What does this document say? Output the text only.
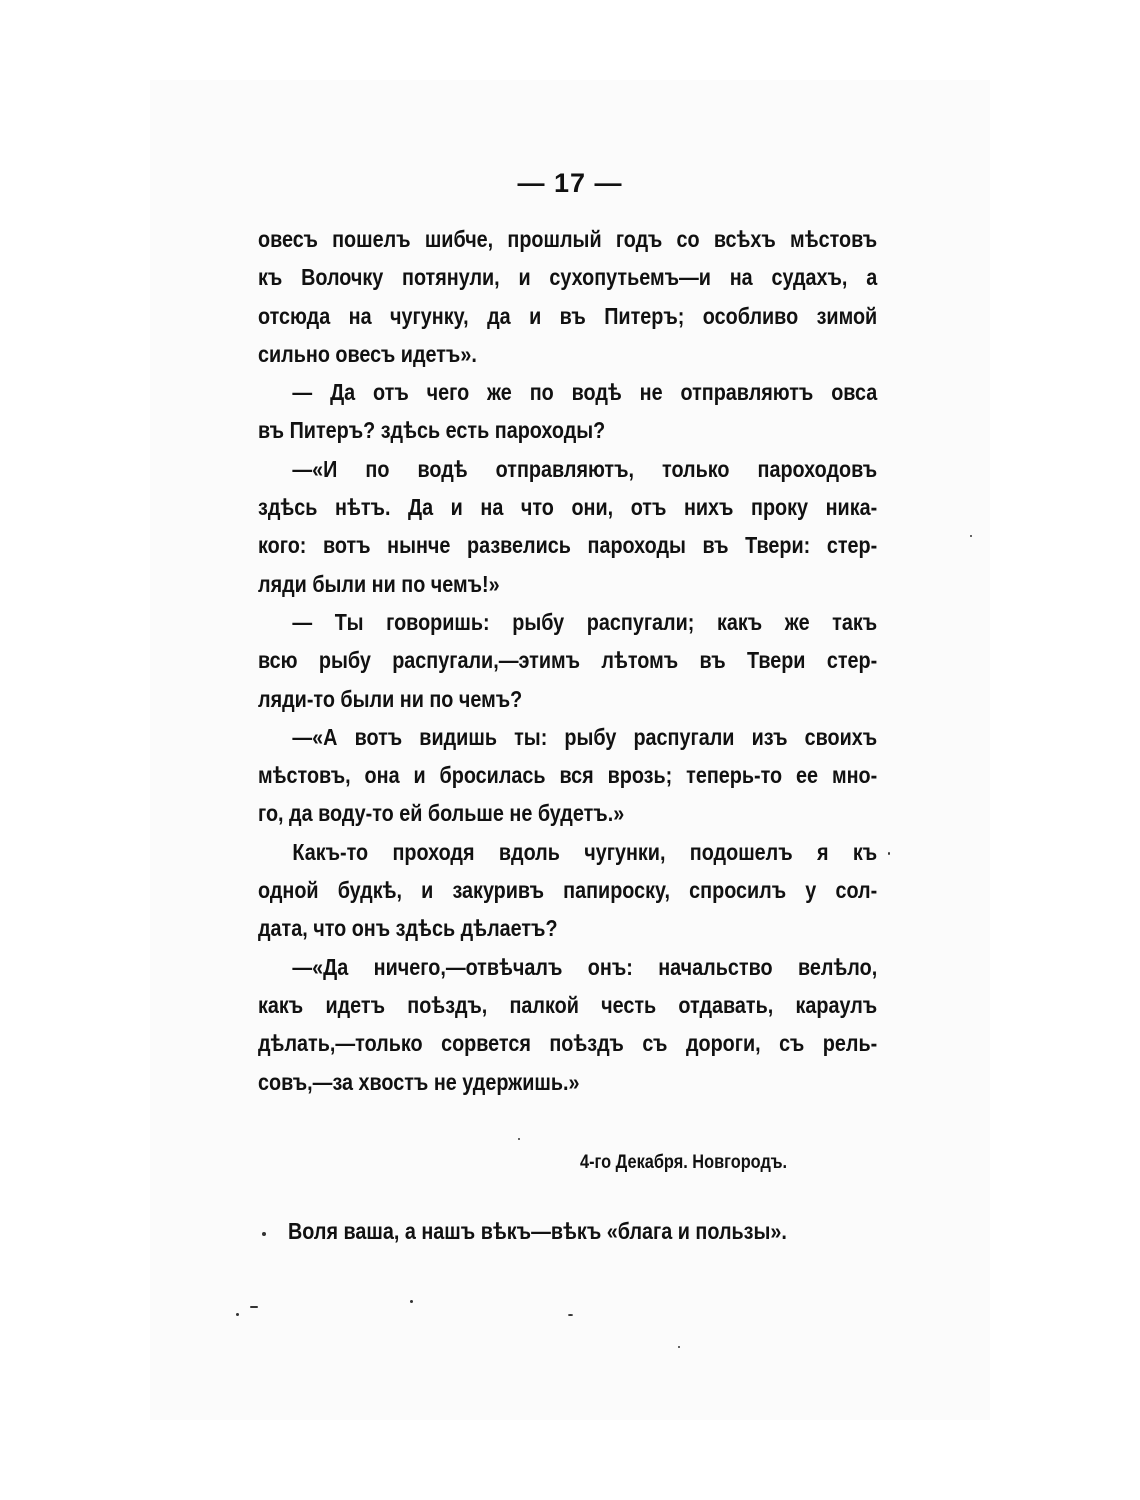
— 17 —
овесъ пошелъ шибче, прошлый годъ со всѣхъ мѣстовъ
къ Волочку потянули, и сухопутьемъ—и на судахъ, а
отсюда на чугунку, да и въ Питеръ; особливо зимой
сильно овесъ идетъ».
— Да отъ чего же по водѣ не отправляютъ овса
въ Питеръ? здѣсь есть пароходы?
—«И по водѣ отправляютъ, только пароходовъ
здѣсь нѣтъ. Да и на что они, отъ нихъ проку ника-
кого: вотъ нынче развелись пароходы въ Твери: стер-
ляди были ни по чемъ!»
— Ты говоришь: рыбу распугали; какъ же такъ
всю рыбу распугали,—этимъ лѣтомъ въ Твери стер-
ляди-то были ни по чемъ?
—«А вотъ видишь ты: рыбу распугали изъ своихъ
мѣстовъ, она и бросилась вся врозь; теперь-то ее мно-
го, да воду-то ей больше не будетъ.»
Какъ-то проходя вдоль чугунки, подошелъ я къ
одной будкѣ, и закуривъ папироску, спросилъ у сол-
дата, что онъ здѣсь дѣлаетъ?
—«Да ничего,—отвѣчалъ онъ: начальство велѣло,
какъ идетъ поѣздъ, палкой честь отдавать, караулъ
дѣлать,—только сорвется поѣздъ съ дороги, съ рель-
совъ,—за хвостъ не удержишь.»
4-го Декабря. Новгородъ.
Воля ваша, а нашъ вѣкъ—вѣкъ «блага и пользы».
